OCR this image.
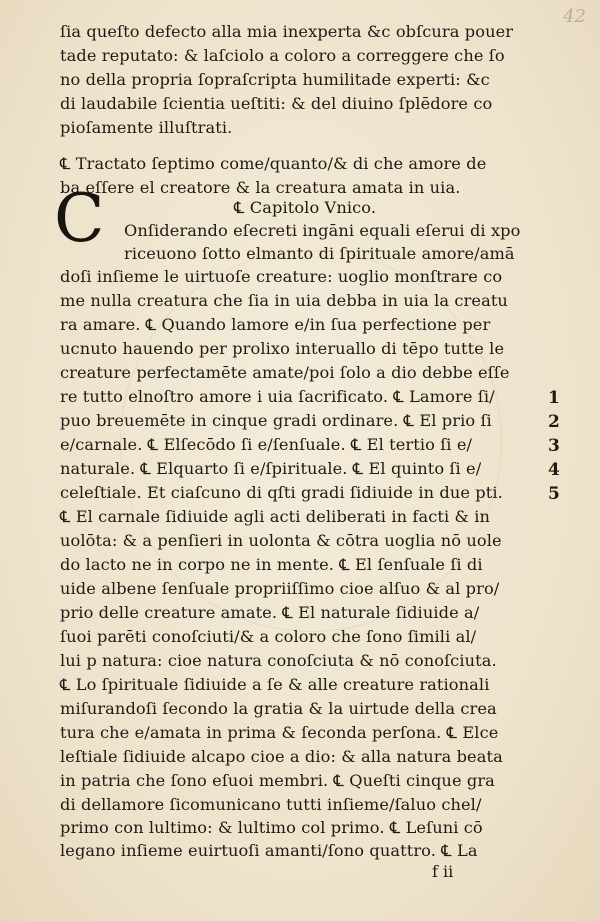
42
ſia queſto defecto alla mia inexperta &c obſcura pouer
tade reputato: & laſciolo a coloro a correggere che ſo
no della propria ſopraſcripta humilitade experti: &c
di laudabile ſcientia ueſtiti: & del diuino ſplēdore co
pioſamente illuſtrati.
℄ Tractato ſeptimo come/quanto/& di che amore de
ba eſſere el creatore & la creatura amata in uia.
C	℄ Capitolo Vnico.
Onſiderando eſecreti ingāni equali eſerui di xpo
riceuono ſotto elmanto di ſpirituale amore/amā
doſi inſieme le uirtuoſe creature: uoglio monſtrare co
me nulla creatura che ſia in uia debba in uia la creatu
ra amare. ℄ Quando lamore e/in ſua perfectione per
ucnuto hauendo per prolixo interuallo di tēpo tutte le
creature perfectamēte amate/poi ſolo a dio debbe eſſe
re tutto elnoſtro amore i uia ſacrificato. ℄ Lamore ſi/
puo breuemēte in cinque gradi ordinare. ℄ El prio ſi
e/carnale. ℄ Elſecōdo ſi e/ſenſuale. ℄ El tertio ſi e/
naturale. ℄ Elquarto ſi e/ſpirituale. ℄ El quinto ſi e/
celeſtiale. Et ciaſcuno di qſti gradi ſidiuide in due pti.
℄ El carnale ſidiuide agli acti deliberati in facti & in
uolōta: & a penſieri in uolonta & cōtra uoglia nō uole
do lacto ne in corpo ne in mente. ℄ El ſenſuale ſi di
uide albene ſenſuale propriiſſimo cioe alſuo & al pro/
prio delle creature amate. ℄ El naturale ſidiuide a/
ſuoi parēti conoſciuti/& a coloro che ſono ſimili al/
lui p natura: cioe natura conoſciuta & nō conoſciuta.
℄ Lo ſpirituale ſidiuide a ſe & alle creature rationali
miſurandoſi ſecondo la gratia & la uirtude della crea
tura che e/amata in prima & ſeconda perſona. ℄ Elce
leſtiale ſidiuide alcapo cioe a dio: & alla natura beata
in patria che ſono eſuoi membri. ℄ Queſti cinque gra
1
2
3
4
5
f ii
di dellamore ſicomunicano tutti inſieme/ſaluo chel/
primo con lultimo: & lultimo col primo. ℄ Leſuni cō
legano inſieme euirtuoſi amanti/ſono quattro. ℄ La
